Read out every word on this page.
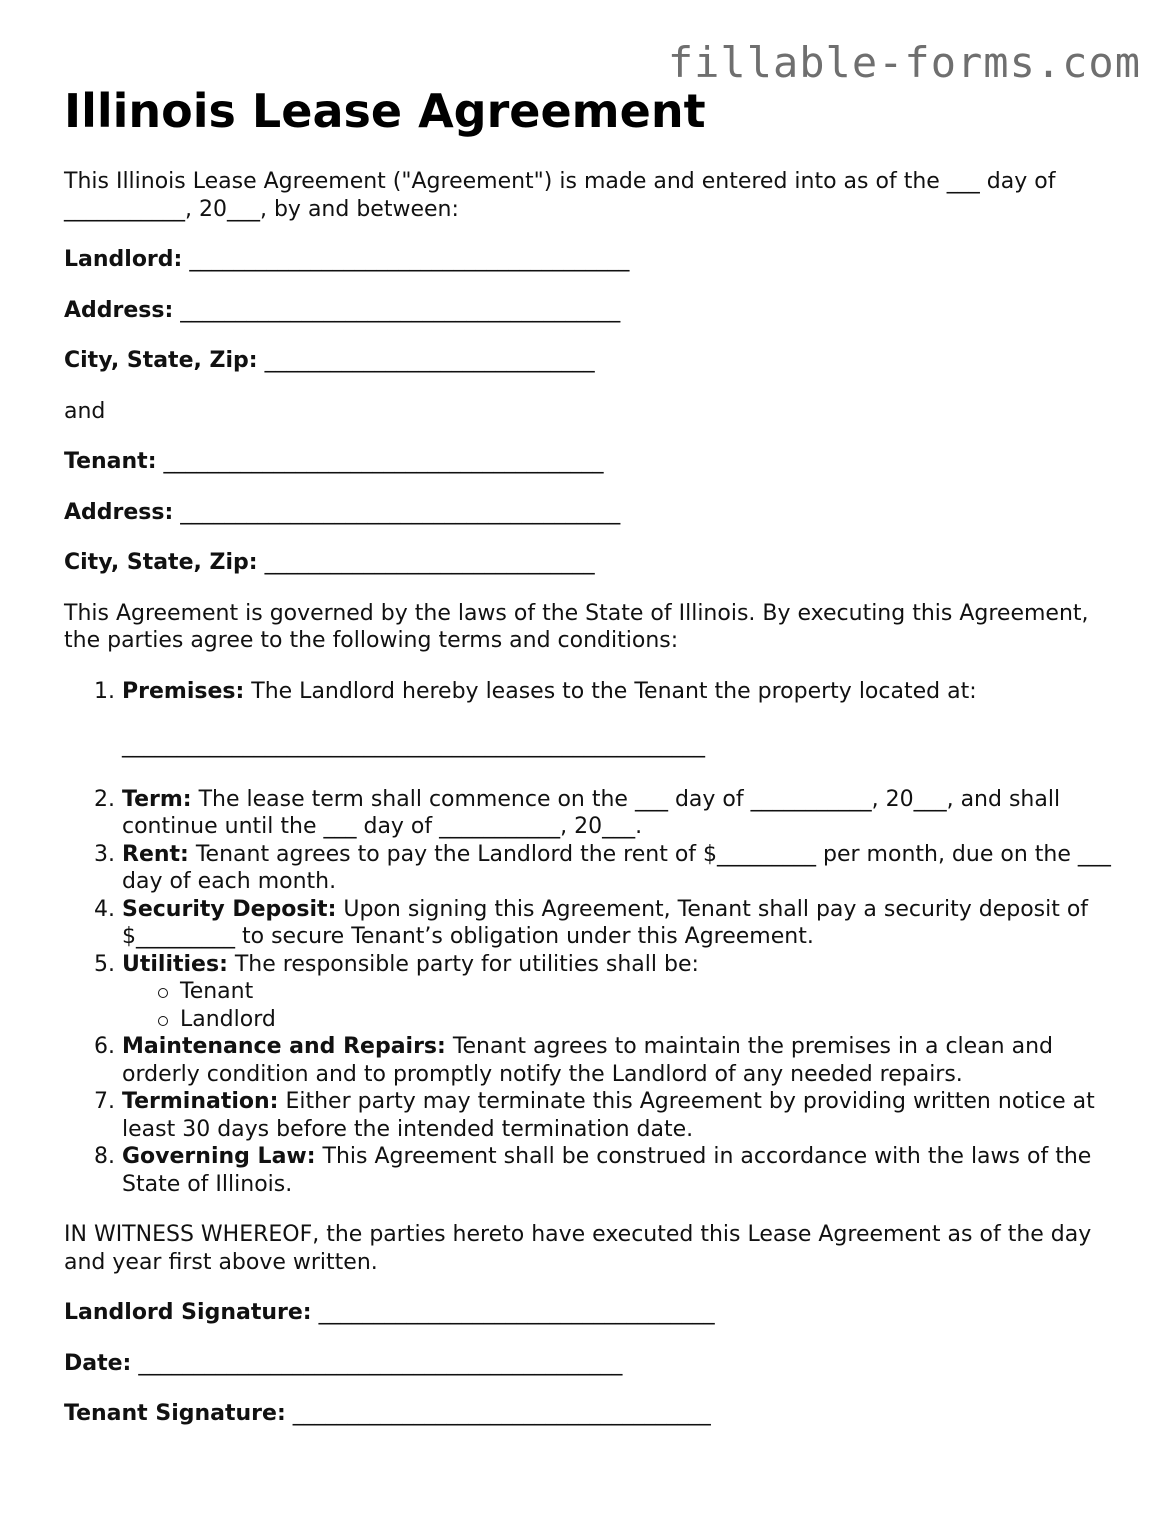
fillable-forms.com
Illinois Lease Agreement

This Illinois Lease Agreement ("Agreement") is made and entered into as of the ___ day of ___________, 20___, by and between:

Landlord: ________________________________________
Address: ________________________________________
City, State, Zip: ______________________________

and

Tenant: ________________________________________
Address: ________________________________________
City, State, Zip: ______________________________

This Agreement is governed by the laws of the State of Illinois. By executing this Agreement, the parties agree to the following terms and conditions:

1. Premises: The Landlord hereby leases to the Tenant the property located at:
_____________________________________________________
2. Term: The lease term shall commence on the ___ day of ___________, 20___, and shall continue until the ___ day of ___________, 20___.
3. Rent: Tenant agrees to pay the Landlord the rent of $_________ per month, due on the ___ day of each month.
4. Security Deposit: Upon signing this Agreement, Tenant shall pay a security deposit of $_________ to secure Tenant’s obligation under this Agreement.
5. Utilities: The responsible party for utilities shall be:
Tenant
Landlord
6. Maintenance and Repairs: Tenant agrees to maintain the premises in a clean and orderly condition and to promptly notify the Landlord of any needed repairs.
7. Termination: Either party may terminate this Agreement by providing written notice at least 30 days before the intended termination date.
8. Governing Law: This Agreement shall be construed in accordance with the laws of the State of Illinois.

IN WITNESS WHEREOF, the parties hereto have executed this Lease Agreement as of the day and year first above written.

Landlord Signature: ____________________________________
Date: ____________________________________________
Tenant Signature: ______________________________________
